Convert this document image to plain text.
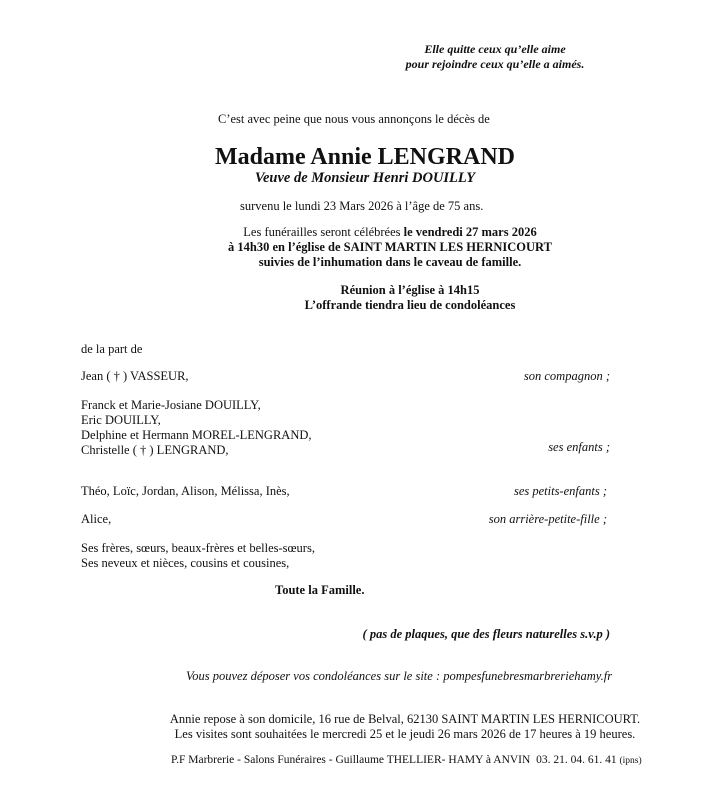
Elle quitte ceux qu’elle aime
pour rejoindre ceux qu’elle a aimés.
C’est avec peine que nous vous annonçons le décès de
Madame Annie LENGRAND
Veuve de Monsieur Henri DOUILLY
survenu le lundi 23 Mars 2026 à l’âge de 75 ans.
Les funérailles seront célébrées le vendredi 27 mars 2026
à 14h30 en l’église de SAINT MARTIN LES HERNICOURT
suivies de l’inhumation dans le caveau de famille.
Réunion à l’église à 14h15
L’offrande tiendra lieu de condoléances
de la part de
Jean ( † ) VASSEUR,	son compagnon ;
Franck et Marie-Josiane DOUILLY,
Eric DOUILLY,
Delphine et Hermann MOREL-LENGRAND,
Christelle ( † ) LENGRAND,	ses enfants ;
Théo, Loïc, Jordan, Alison, Mélissa, Inès,	ses petits-enfants ;
Alice,	son arrière-petite-fille ;
Ses frères, sœurs, beaux-frères et belles-sœurs,
Ses neveux et nièces, cousins et cousines,
Toute la Famille.
( pas de plaques, que des fleurs naturelles s.v.p )
Vous pouvez déposer vos condoléances sur le site : pompesfunebresmarbreriehamy.fr
Annie repose à son domicile, 16 rue de Belval, 62130 SAINT MARTIN LES HERNICOURT.
Les visites sont souhaitées le mercredi 25 et le jeudi 26 mars 2026 de 17 heures à 19 heures.
P.F Marbrerie - Salons Funéraires - Guillaume THELLIER- HAMY à ANVIN 03. 21. 04. 61. 41 (ipns)
